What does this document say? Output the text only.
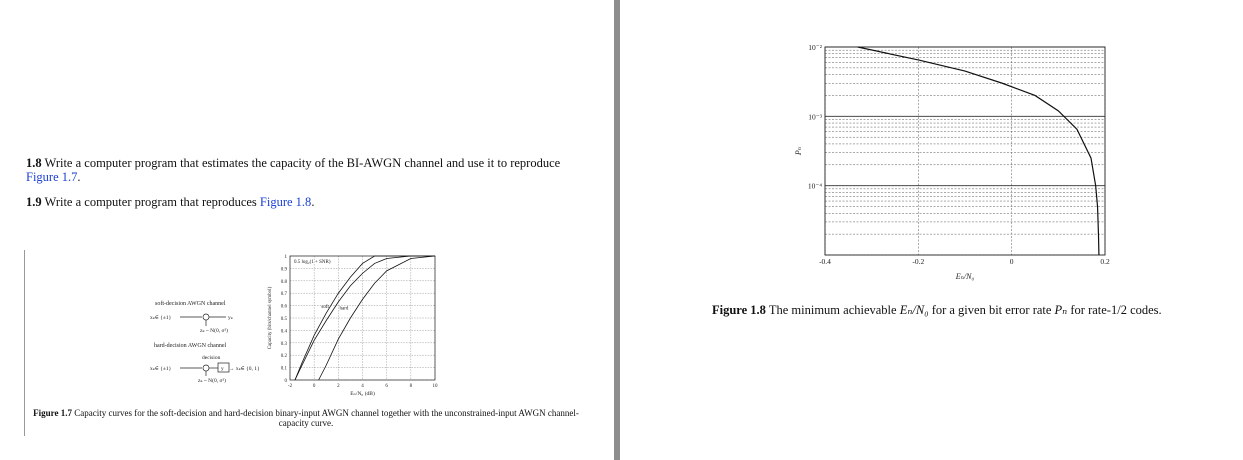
1.8 Write a computer program that estimates the capacity of the BI-AWGN channel and use it to reproduce
Figure 1.7.
1.9 Write a computer program that reproduces Figure 1.8.
soft-decision AWGN channel
xₖ∈ {±1}	yₖ
zₖ ~ N(0, σ²)
hard-decision AWGN channel
decision
xₖ∈ {±1}	y → xₖ∈ {0, 1}
zₖ ~ N(0, σ²)	0
0.1
0.2
0.3
0.4
0.5
0.6
0.7
0.8
0.9
1
-2	0	2	4	6	8	10
0.5 log₂(1 + SNR)
soft hard
Eₙ/N₀ (dB)
Capacity (bits/channel symbol)
Figure 1.7 Capacity curves for the soft-decision and hard-decision binary-input AWGN channel together with the unconstrained-input AWGN channel-capacity curve.
-0.4	-0.2	0	0.2
10⁻²
10⁻³
10⁻⁴
Eₙ/N₀
Pₙ
Figure 1.8 The minimum achievable Eₙ/N₀ for a given bit error rate Pₙ for rate-1/2 codes.
